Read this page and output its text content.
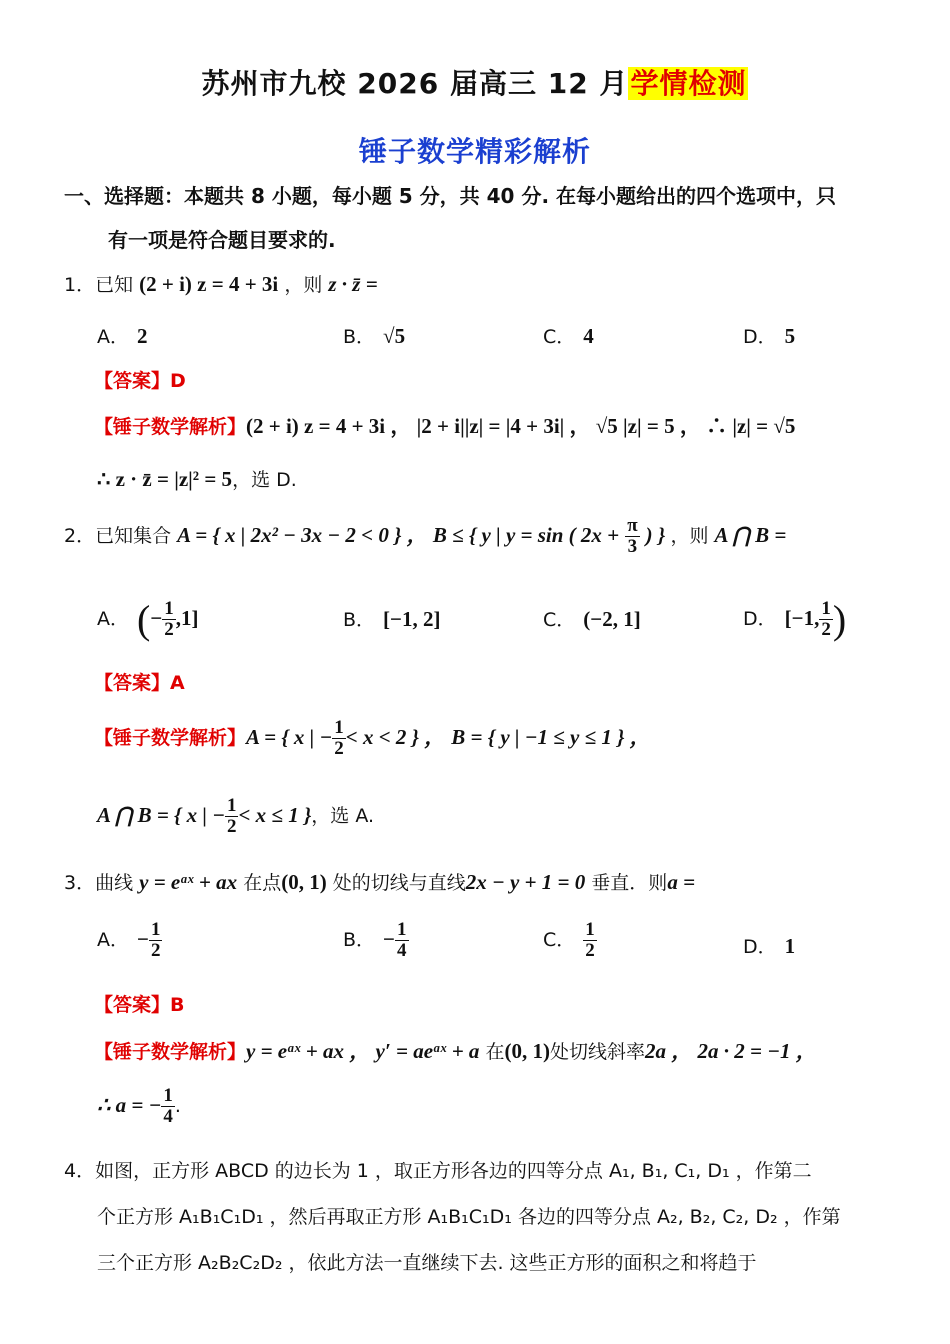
苏州市九校 2026 届高三 12 月学情检测
锤子数学精彩解析
一、选择题：本题共 8 小题，每小题 5 分，共 40 分. 在每小题给出的四个选项中，只
有一项是符合题目要求的.
1．已知 (2 + i) z = 4 + 3i ，则 z · z̄ =
A． 2	B． √5	C． 4	D． 5
【答案】D
【锤子数学解析】(2 + i) z = 4 + 3i ， |2 + i||z| = |4 + 3i| ， √5 |z| = 5 ， ∴ |z| = √5
∴ z · z̄ = |z|² = 5，选 D.
2．已知集合 A = { x | 2x² − 3x − 2 < 0 } ， B ≤ { y | y = sin ( $2x + \frac{\pi}{3}$ ) } ，则 A ⋂ B =
A． (− $\frac{1}{2} ,1$]	B． [−1, 2]	C． (−2, 1]	D． [−1, $\frac{1}{2}$ )
【答案】A
【锤子数学解析】A = { x | − $\frac{1}{2} < x < 2$ } ， B = { y | −1 ≤ y ≤ 1 } ，
A ⋂ B = { x | − $\frac{1}{2} < x \le 1$ }，选 A.
3．曲线 y = eᵃˣ + ax 在点(0, 1) 处的切线与直线2x − y + 1 = 0 垂直．则a =
A． − $\frac{1}{2}$	B． − $\frac{1}{4}$	C． $\frac{1}{2}$	D． 1
【答案】B
【锤子数学解析】y = eᵃˣ + ax ， y′ = aeᵃˣ + a 在(0, 1)处切线斜率2a ， 2a · 2 = −1 ，
∴ a = − $\frac{1}{4}$ .
4．如图，正方形 ABCD 的边长为 1 ，取正方形各边的四等分点 A₁, B₁, C₁, D₁ ，作第二
个正方形 A₁B₁C₁D₁ ，然后再取正方形 A₁B₁C₁D₁ 各边的四等分点 A₂, B₂, C₂, D₂ ，作第
三个正方形 A₂B₂C₂D₂ ，依此方法一直继续下去. 这些正方形的面积之和将趋于
